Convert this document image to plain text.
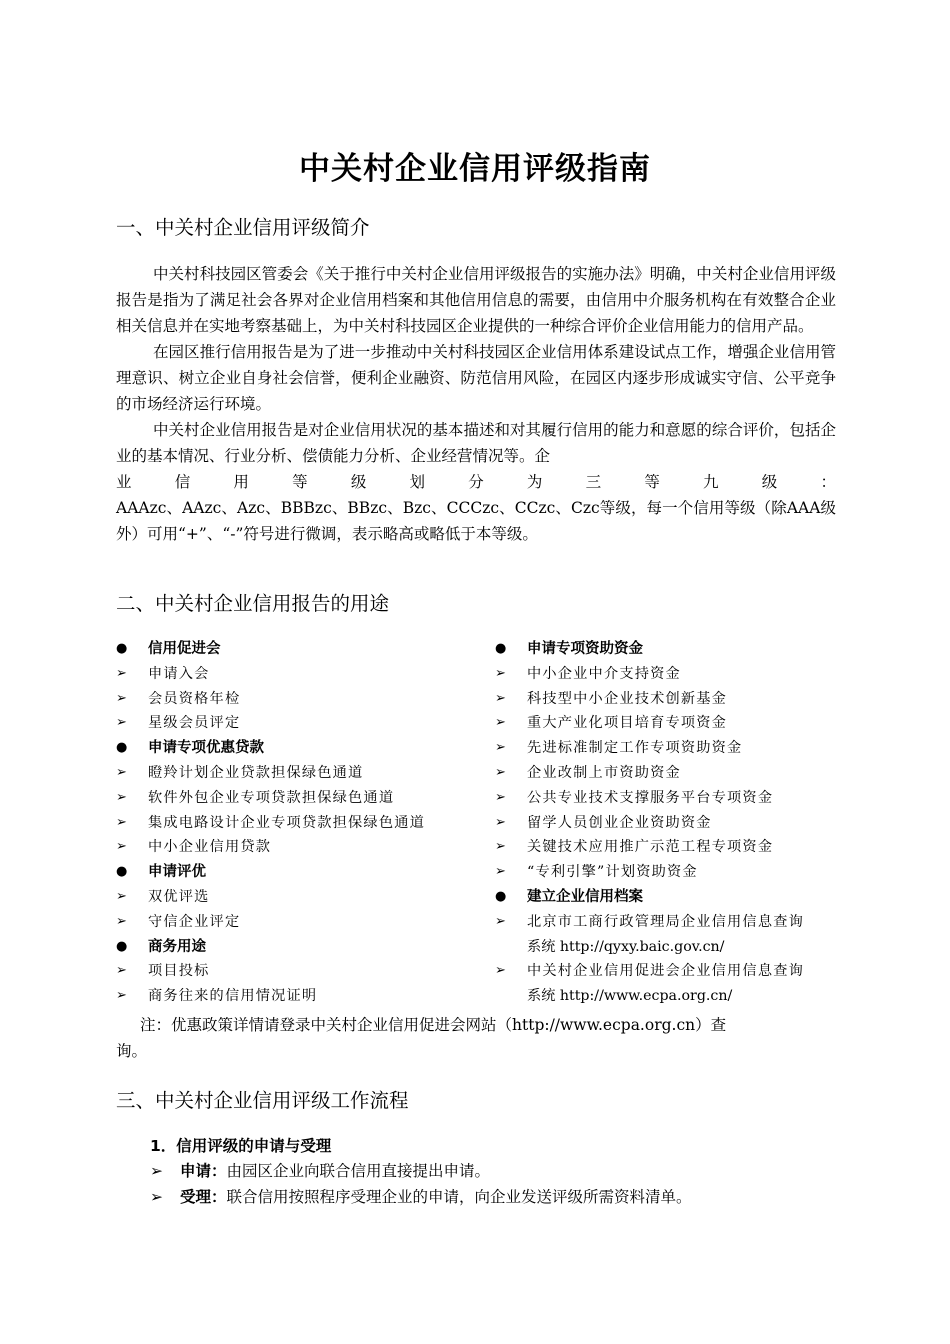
中关村企业信用评级指南
一、中关村企业信用评级简介

中关村科技园区管委会《关于推行中关村企业信用评级报告的实施办法》明确，中关村企业信用评级报告是指为了满足社会各界对企业信用档案和其他信用信息的需要，由信用中介服务机构在有效整合企业相关信息并在实地考察基础上，为中关村科技园区企业提供的一种综合评价企业信用能力的信用产品。

在园区推行信用报告是为了进一步推动中关村科技园区企业信用体系建设试点工作，增强企业信用管理意识、树立企业自身社会信誉，便利企业融资、防范信用风险，在园区内逐步形成诚实守信、公平竞争的市场经济运行环境。

中关村企业信用报告是对企业信用状况的基本描述和对其履行信用的能力和意愿的综合评价，包括企业的基本情况、行业分析、偿债能力分析、企业经营情况等。企

业	信	用	等	级	划	分	为	三	等	九	级	：

AAAzc、AAzc、Azc、BBBzc、BBzc、Bzc、CCCzc、CCzc、Czc等级，每一个信用等级（除AAA级外）可用“+”、“-”符号进行微调，表示略高或略低于本等级。

二、中关村企业信用报告的用途
●	信用促进会
➢	申请入会
➢	会员资格年检
➢	星级会员评定
●	申请专项优惠贷款
➢	瞪羚计划企业贷款担保绿色通道
➢	软件外包企业专项贷款担保绿色通道
➢	集成电路设计企业专项贷款担保绿色通道
➢	中小企业信用贷款
●	申请评优
➢	双优评选
➢	守信企业评定
●	商务用途
➢	项目投标
➢	商务往来的信用情况证明
●	申请专项资助资金
➢	中小企业中介支持资金
➢	科技型中小企业技术创新基金
➢	重大产业化项目培育专项资金
➢	先进标准制定工作专项资助资金
➢	企业改制上市资助资金
➢	公共专业技术支撑服务平台专项资金
➢	留学人员创业企业资助资金
➢	关键技术应用推广示范工程专项资金
➢	“专利引擎”计划资助资金
●	建立企业信用档案
➢	北京市工商行政管理局企业信用信息查询
系统 http://qyxy.baic.gov.cn/
➢	中关村企业信用促进会企业信用信息查询
系统 http://www.ecpa.org.cn/
注：优惠政策详情请登录中关村企业信用促进会网站（http://www.ecpa.org.cn）查
询。
三、中关村企业信用评级工作流程
1．信用评级的申请与受理
➢ 申请：由园区企业向联合信用直接提出申请。
➢ 受理：联合信用按照程序受理企业的申请，向企业发送评级所需资料清单。
